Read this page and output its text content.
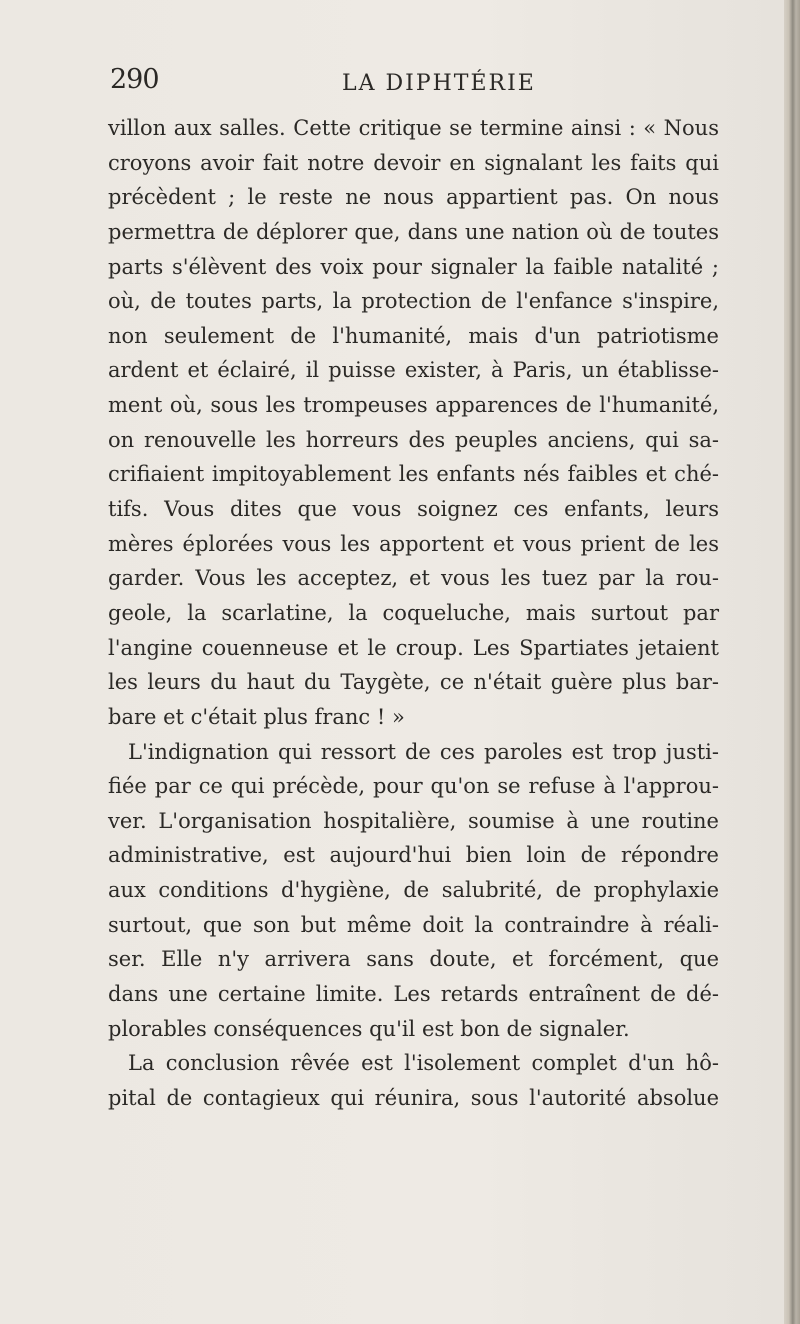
290	LA DIPHTÉRIE
villon aux salles. Cette critique se termine ainsi : « Nous
croyons avoir fait notre devoir en signalant les faits qui
précèdent ; le reste ne nous appartient pas. On nous
permettra de déplorer que, dans une nation où de toutes
parts s'élèvent des voix pour signaler la faible natalité ;
où, de toutes parts, la protection de l'enfance s'inspire,
non seulement de l'humanité, mais d'un patriotisme
ardent et éclairé, il puisse exister, à Paris, un établisse-
ment où, sous les trompeuses apparences de l'humanité,
on renouvelle les horreurs des peuples anciens, qui sa-
crifiaient impitoyablement les enfants nés faibles et ché-
tifs. Vous dites que vous soignez ces enfants, leurs
mères éplorées vous les apportent et vous prient de les
garder. Vous les acceptez, et vous les tuez par la rou-
geole, la scarlatine, la coqueluche, mais surtout par
l'angine couenneuse et le croup. Les Spartiates jetaient
les leurs du haut du Taygète, ce n'était guère plus bar-
bare et c'était plus franc ! »
L'indignation qui ressort de ces paroles est trop justi-
fiée par ce qui précède, pour qu'on se refuse à l'approu-
ver. L'organisation hospitalière, soumise à une routine
administrative, est aujourd'hui bien loin de répondre
aux conditions d'hygiène, de salubrité, de prophylaxie
surtout, que son but même doit la contraindre à réali-
ser. Elle n'y arrivera sans doute, et forcément, que
dans une certaine limite. Les retards entraînent de dé-
plorables conséquences qu'il est bon de signaler.
La conclusion rêvée est l'isolement complet d'un hô-
pital de contagieux qui réunira, sous l'autorité absolue
